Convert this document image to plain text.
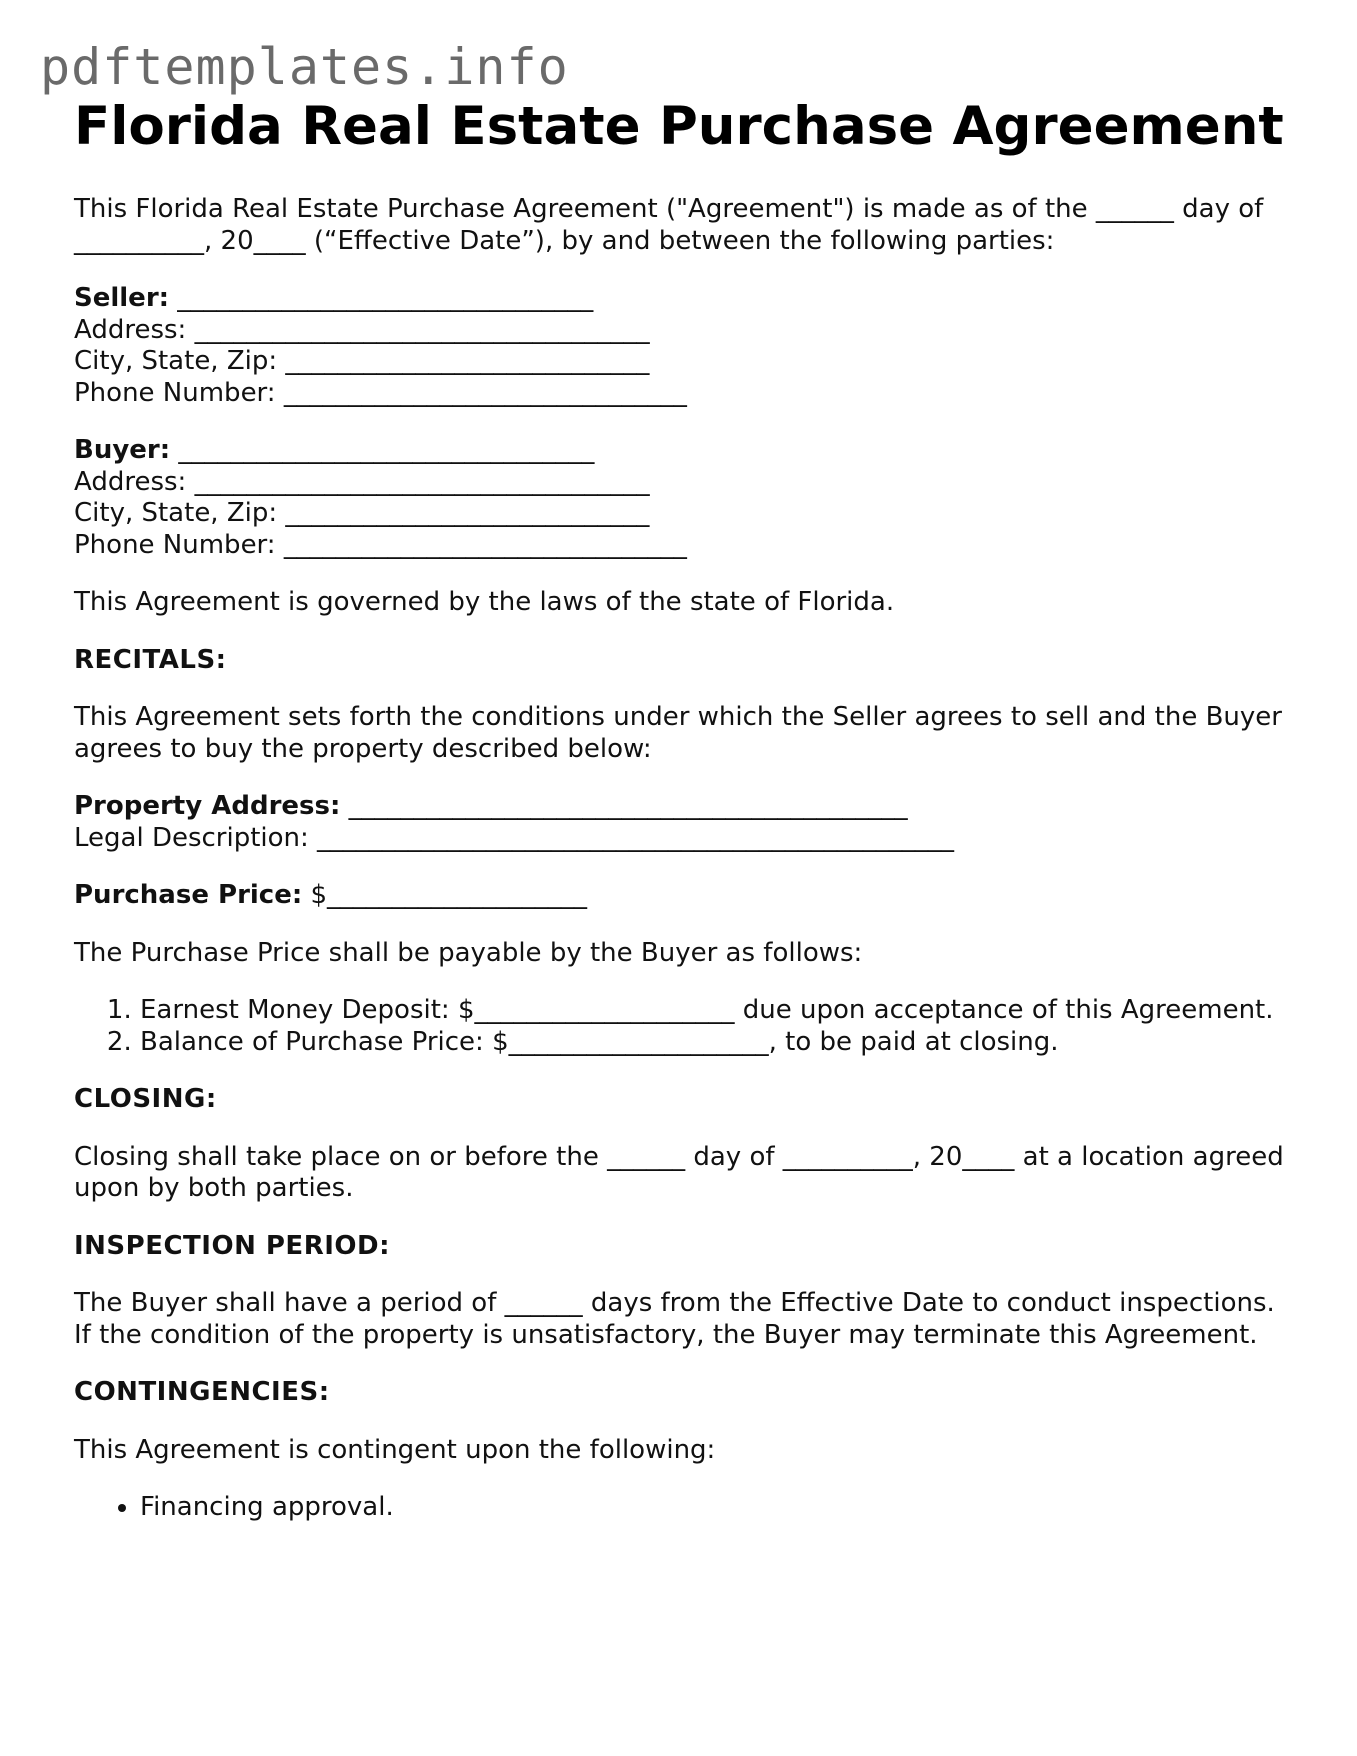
pdftemplates.info
Florida Real Estate Purchase Agreement

This Florida Real Estate Purchase Agreement ("Agreement") is made as of the ______ day of __________, 20____ (“Effective Date”), by and between the following parties:

Seller: ________________________________
Address: ___________________________________
City, State, Zip: ____________________________
Phone Number: _______________________________
Buyer: ________________________________
Address: ___________________________________
City, State, Zip: ____________________________
Phone Number: _______________________________

This Agreement is governed by the laws of the state of Florida.

RECITALS:

This Agreement sets forth the conditions under which the Seller agrees to sell and the Buyer agrees to buy the property described below:

Property Address: ___________________________________________
Legal Description: _________________________________________________

Purchase Price: $____________________

The Purchase Price shall be payable by the Buyer as follows:

1. Earnest Money Deposit: $____________________ due upon acceptance of this Agreement.
2. Balance of Purchase Price: $____________________, to be paid at closing.

CLOSING:

Closing shall take place on or before the ______ day of __________, 20____ at a location agreed upon by both parties.

INSPECTION PERIOD:

The Buyer shall have a period of ______ days from the Effective Date to conduct inspections. If the condition of the property is unsatisfactory, the Buyer may terminate this Agreement.

CONTINGENCIES:

This Agreement is contingent upon the following:

• Financing approval.
